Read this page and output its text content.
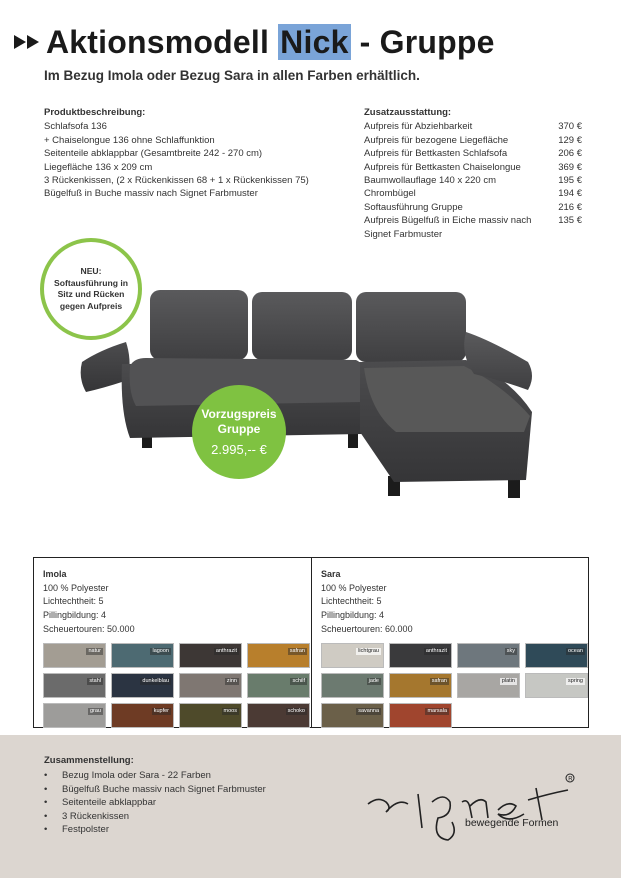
Aktionsmodell Nick - Gruppe
Im Bezug Imola oder Bezug Sara in allen Farben erhältlich.
Produktbeschreibung:
Schlafsofa 136
+ Chaiselongue 136 ohne Schlaffunktion
Seitenteile abklappbar (Gesamtbreite 242 - 270 cm)
Liegefläche 136 x 209 cm
3 Rückenkissen, (2 x Rückenkissen 68 + 1 x Rückenkissen 75)
Bügelfuß in Buche massiv nach Signet Farbmuster
Zusatzausstattung:
Aufpreis für Abziehbarkeit	370 €
Aufpreis für bezogene Liegefläche	129 €
Aufpreis für Bettkasten Schlafsofa	206 €
Aufpreis für Bettkasten Chaiselongue	369 €
Baumwollauflage 140 x 220 cm	195 €
Chrombügel	194 €
Softausführung Gruppe	216 €
Aufpreis Bügelfuß in Eiche massiv nach Signet Farbmuster
135 €
NEU:
Softausführung in
Sitz und Rücken
gegen Aufpreis
Vorzugspreis
Gruppe
2.995,-- €
Imola
100 % Polyester
Lichtechtheit: 5
Pillingbildung: 4
Scheuertouren: 50.000
natur	lagoon	anthrazit	safran
stahl	dunkelblau	zinn	schilf
grau	kupfer	moos	schoko
Sara
100 % Polyester
Lichtechtheit: 5
Pillingbildung: 4
Scheuertouren: 60.000
lichtgrau	anthrazit	sky	ocean
jade	safran	platin	spring
savanna	marsala
Zusammenstellung:
• Bezug Imola oder Sara - 22 Farben
• Bügelfuß Buche massiv nach Signet Farbmuster
• Seitenteile abklappbar
• 3 Rückenkissen
• Festpolster
R
bewegende Formen
